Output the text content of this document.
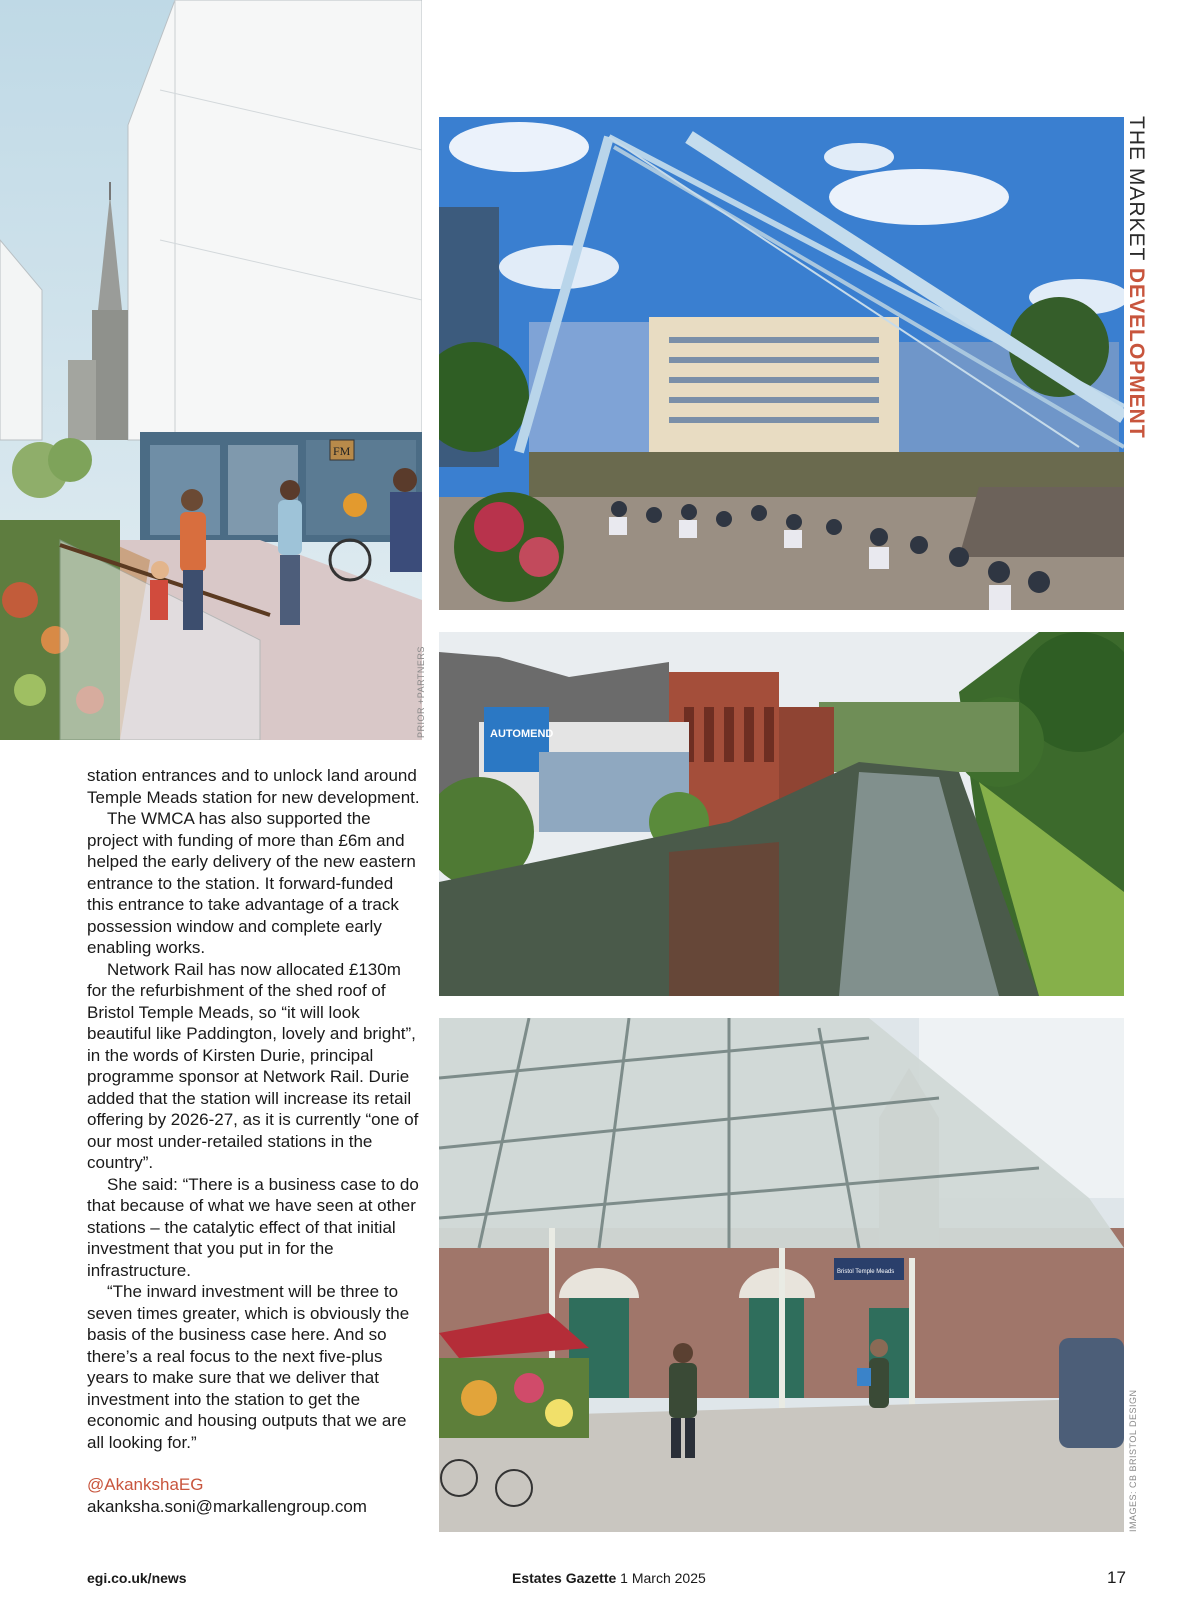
FM
PRIOR +PARTNERS
THE MARKET DEVELOPMENT
AUTOMEND
Bristol Temple Meads
IMAGES: CB BRISTOL DESIGN

station entrances and to unlock land around Temple Meads station for new development.

The WMCA has also supported the project with funding of more than £6m and helped the early delivery of the new eastern entrance to the station. It forward-funded this entrance to take advantage of a track possession window and complete early enabling works.

Network Rail has now allocated £130m for the refurbishment of the shed roof of Bristol Temple Meads, so “it will look beautiful like Paddington, lovely and bright”, in the words of Kirsten Durie, principal programme sponsor at Network Rail. Durie added that the station will increase its retail offering by 2026-27, as it is currently “one of our most under-retailed stations in the country”.

She said: “There is a business case to do that because of what we have seen at other stations – the catalytic effect of that initial investment that you put in for the infrastructure.

“The inward investment will be three to seven times greater, which is obviously the basis of the business case here. And so there’s a real focus to the next five-plus years to make sure that we deliver that investment into the station to get the economic and housing outputs that we are all looking for.”

@AkankshaEG

akanksha.soni@markallengroup.com

egi.co.uk/news	Estates Gazette 1 March 2025	17
